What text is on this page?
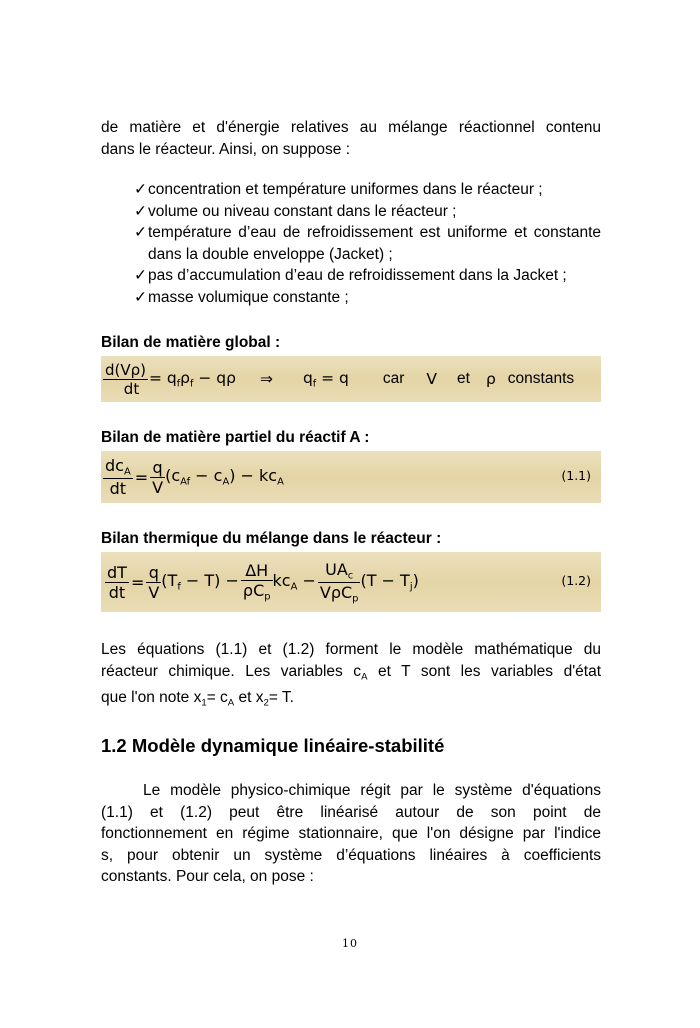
de matière et d'énergie relatives au mélange réactionnel contenu
dans le réacteur. Ainsi, on suppose :

✓ concentration et température uniformes dans le réacteur ;
✓ volume ou niveau constant dans le réacteur ;
✓ température d’eau de refroidissement est uniforme et constante dans la double enveloppe (Jacket) ;
✓ pas d’accumulation d’eau de refroidissement dans la Jacket ;
✓ masse volumique constante ;

Bilan de matière global :

$\frac{d(V\rho)}{dt} = q_f\rho_f - q\rho$ ⇒ $q_f = q$ car V et ρ constants

Bilan de matière partiel du réactif A :

$\frac{dc_A}{dt} = \frac{q}{V} (c_{Af} - c_A) - kc_A$	(1.1)

Bilan thermique du mélange dans le réacteur :

$\frac{dT}{dt} = \frac{q}{V} (T_f - T) - \frac{\Delta H}{\rho C_p} kc_A - \frac{UA_c}{V\rho C_p} (T - T_j)$	(1.2)

Les équations (1.1) et (1.2) forment le modèle mathématique du
réacteur chimique. Les variables $c_A$ et T sont les variables d'état
que l'on note $x_1= c_A$ et $x_2= T$.

1.2 Modèle dynamique linéaire-stabilité

Le modèle physico-chimique régit par le système d'équations
(1.1) et (1.2) peut être linéarisé autour de son point de
fonctionnement en régime stationnaire, que l'on désigne par l'indice
s, pour obtenir un système d’équations linéaires à coefficients
constants. Pour cela, on pose :

10
